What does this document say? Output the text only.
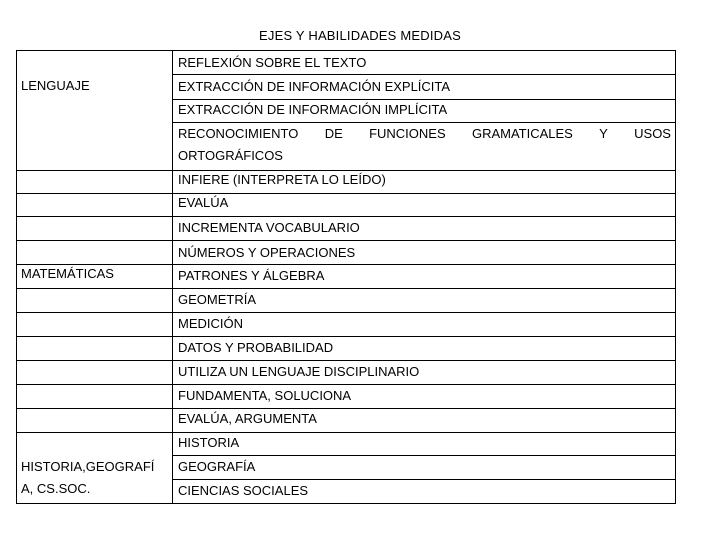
EJES Y HABILIDADES MEDIDAS
LENGUAJE
MATEMÁTICAS
HISTORIA,GEOGRAFÍ
A, CS.SOC.
REFLEXIÓN SOBRE EL TEXTO
EXTRACCIÓN DE INFORMACIÓN EXPLÍCITA
EXTRACCIÓN DE INFORMACIÓN IMPLÍCITA
RECONOCIMIENTO DE FUNCIONES GRAMATICALES Y USOS
ORTOGRÁFICOS
INFIERE (INTERPRETA LO LEÍDO)
EVALÚA
INCREMENTA VOCABULARIO
NÚMEROS Y OPERACIONES
PATRONES Y ÁLGEBRA
GEOMETRÍA
MEDICIÓN
DATOS Y PROBABILIDAD
UTILIZA UN LENGUAJE DISCIPLINARIO
FUNDAMENTA, SOLUCIONA
EVALÚA, ARGUMENTA
HISTORIA
GEOGRAFÍA
CIENCIAS SOCIALES
